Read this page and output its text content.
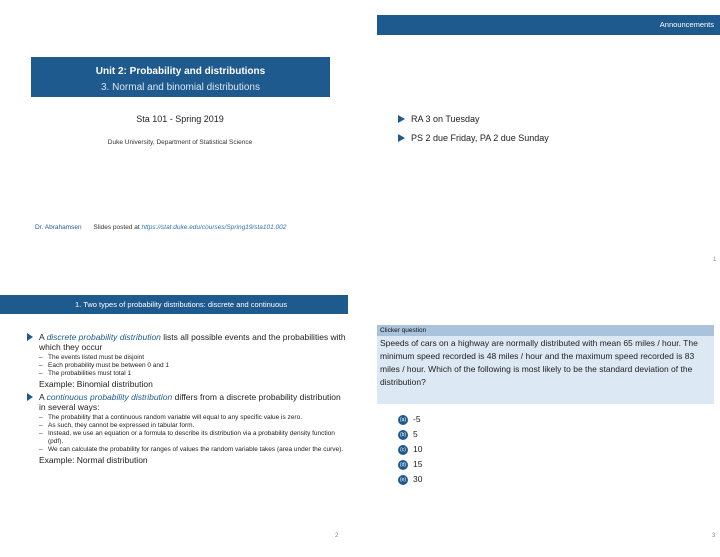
Unit 2: Probability and distributions
3. Normal and binomial distributions
Sta 101 - Spring 2019
Duke University, Department of Statistical Science
Dr. Abrahamsen Slides posted at https://stat.duke.edu/courses/Spring19/sta101.002
Announcements
RA 3 on Tuesday
PS 2 due Friday, PA 2 due Sunday
1
1. Two types of probability distributions: discrete and continuous
A discrete probability distribution lists all possible events and the probabilities with which they occur
– The events listed must be disjoint
– Each probability must be between 0 and 1
– The probabilities must total 1
Example: Binomial distribution
A continuous probability distribution differs from a discrete probability distribution in several ways:
– The probability that a continuous random variable will equal to any specific value is zero.
– As such, they cannot be expressed in tabular form.
– Instead, we use an equation or a formula to describe its distribution via a probability density function (pdf).
– We can calculate the probability for ranges of values the random variable takes (area under the curve).
Example: Normal distribution
2
Clicker question
Speeds of cars on a highway are normally distributed with mean 65 miles / hour. The minimum speed recorded is 48 miles / hour and the maximum speed recorded is 83 miles / hour. Which of the following is most likely to be the standard deviation of the distribution?
(a) -5
(b) 5
(c) 10
(d) 15
(e) 30
3
